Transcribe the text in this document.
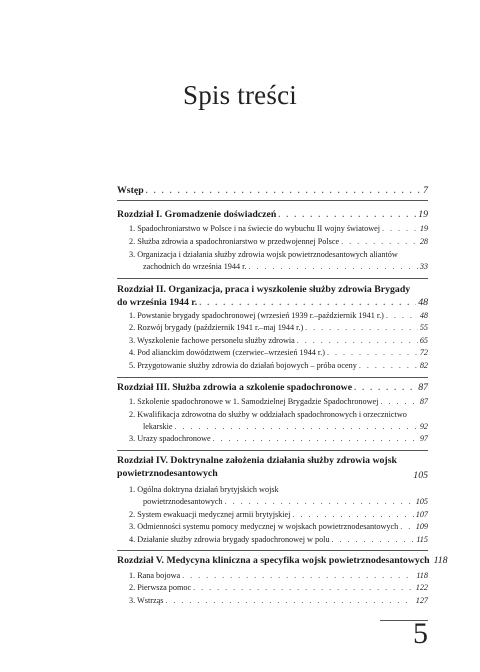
Spis treści
Wstęp . . .	7
Rozdział I. Gromadzenie doświadczeń . . .	19
1. Spadochroniarstwo w Polsce i na świecie do wybuchu II wojny światowej . . .	19
2. Służba zdrowia a spadochroniarstwo w przedwojennej Polsce . . .	28
3. Organizacja i działania służby zdrowia wojsk powietrznodesantowych aliantów
zachodnich do września 1944 r. . . .	33
Rozdział II. Organizacja, praca i wyszkolenie służby zdrowia Brygady
do września 1944 r. . . .	48
1. Powstanie brygady spadochronowej (wrzesień 1939 r.–październik 1941 r.) . . .	48
2. Rozwój brygady (październik 1941 r.–maj 1944 r.) . . .	55
3. Wyszkolenie fachowe personelu służby zdrowia . . .	65
4. Pod alianckim dowództwem (czerwiec–wrzesień 1944 r.) . . .	72
5. Przygotowanie służby zdrowia do działań bojowych – próba oceny . . .	82
Rozdział III. Służba zdrowia a szkolenie spadochronowe . . .	87
1. Szkolenie spadochronowe w 1. Samodzielnej Brygadzie Spadochronowej . . .	87
2. Kwalifikacja zdrowotna do służby w oddziałach spadochronowych i orzecznictwo
lekarskie . . .	92
3. Urazy spadochronowe . . .	97
Rozdział IV. Doktrynalne założenia działania służby zdrowia wojsk
powietrznodesantowych	105
1. Ogólna doktryna działań brytyjskich wojsk
powietrznodesantowych . . .	105
2. System ewakuacji medycznej armii brytyjskiej . . .	107
3. Odmienności systemu pomocy medycznej w wojskach powietrznodesantowych . . . 109
4. Działanie służby zdrowia brygady spadochronowej w polu . . .	115
Rozdział V. Medycyna kliniczna a specyfika wojsk powietrznodesantowych 118
1. Rana bojowa . . .	118
2. Pierwsza pomoc . . .	122
3. Wstrząs . . .	127
5
